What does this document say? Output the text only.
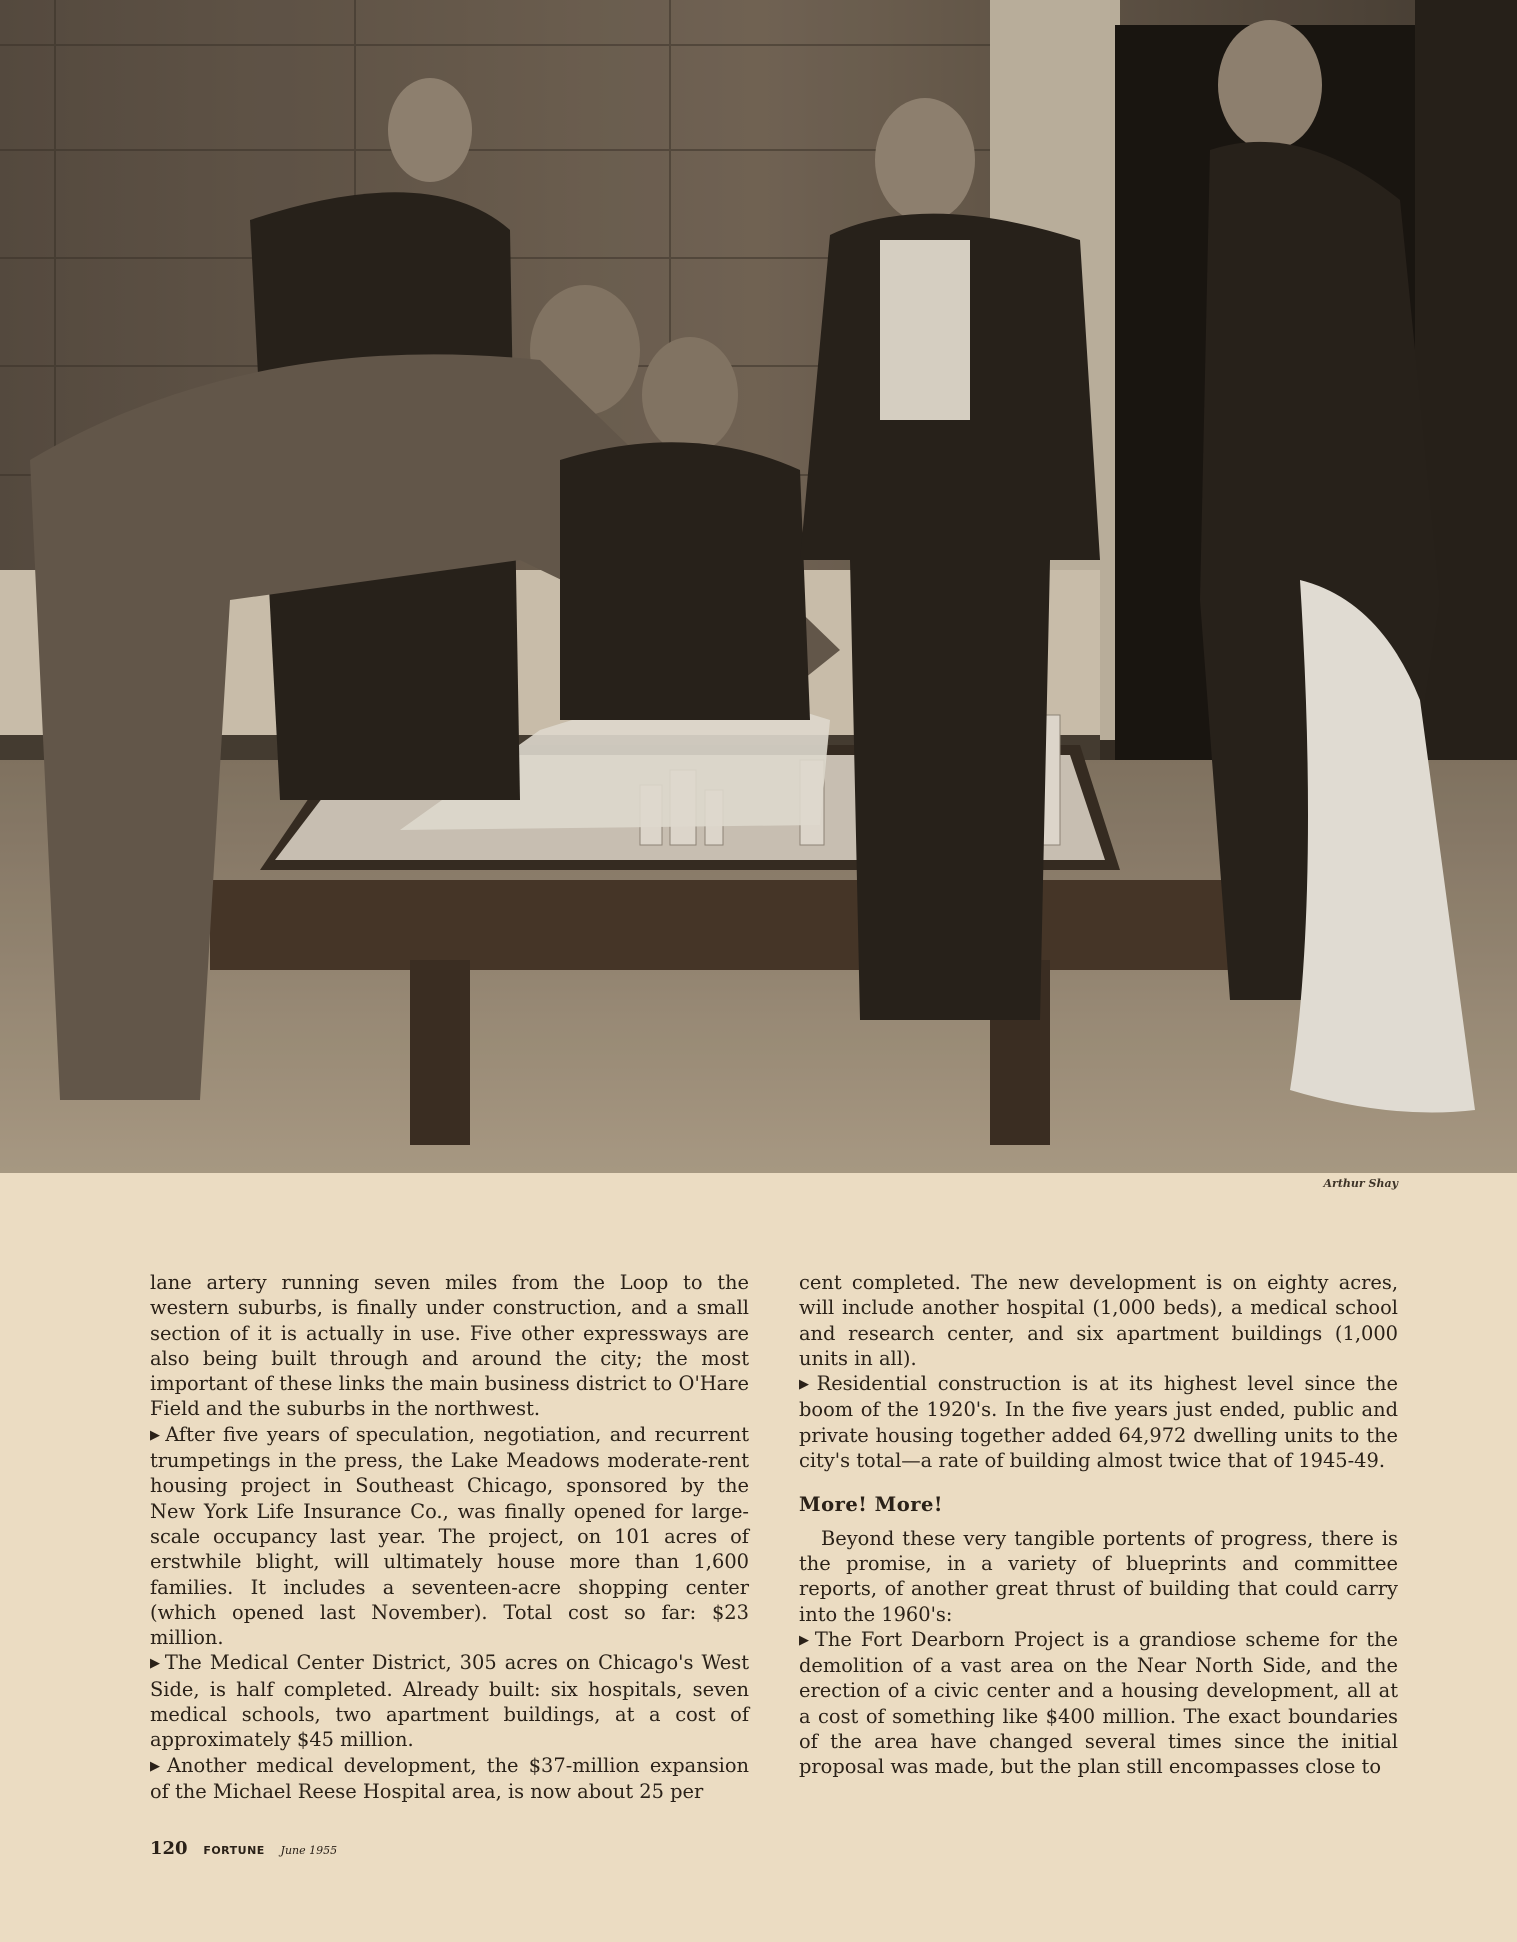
Arthur Shay

lane artery running seven miles from the Loop to the western suburbs, is finally under construction, and a small section of it is actually in use. Five other expressways are also being built through and around the city; the most important of these links the main business district to O'Hare Field and the suburbs in the northwest.

▶ After five years of speculation, negotiation, and recurrent trumpetings in the press, the Lake Meadows moderate-rent housing project in Southeast Chicago, sponsored by the New York Life Insurance Co., was finally opened for large-scale occupancy last year. The project, on 101 acres of erstwhile blight, will ultimately house more than 1,600 families. It includes a seventeen-acre shopping center (which opened last November). Total cost so far: $23 million.

▶ The Medical Center District, 305 acres on Chicago's West Side, is half completed. Already built: six hospitals, seven medical schools, two apartment buildings, at a cost of approximately $45 million.

▶ Another medical development, the $37-million expansion of the Michael Reese Hospital area, is now about 25 per

cent completed. The new development is on eighty acres, will include another hospital (1,000 beds), a medical school and research center, and six apartment buildings (1,000 units in all).

▶ Residential construction is at its highest level since the boom of the 1920's. In the five years just ended, public and private housing together added 64,972 dwelling units to the city's total—a rate of building almost twice that of 1945-49.

More! More!

Beyond these very tangible portents of progress, there is the promise, in a variety of blueprints and committee reports, of another great thrust of building that could carry into the 1960's:

▶ The Fort Dearborn Project is a grandiose scheme for the demolition of a vast area on the Near North Side, and the erection of a civic center and a housing development, all at a cost of something like $400 million. The exact boundaries of the area have changed several times since the initial proposal was made, but the plan still encompasses close to

120 FORTUNE June 1955
